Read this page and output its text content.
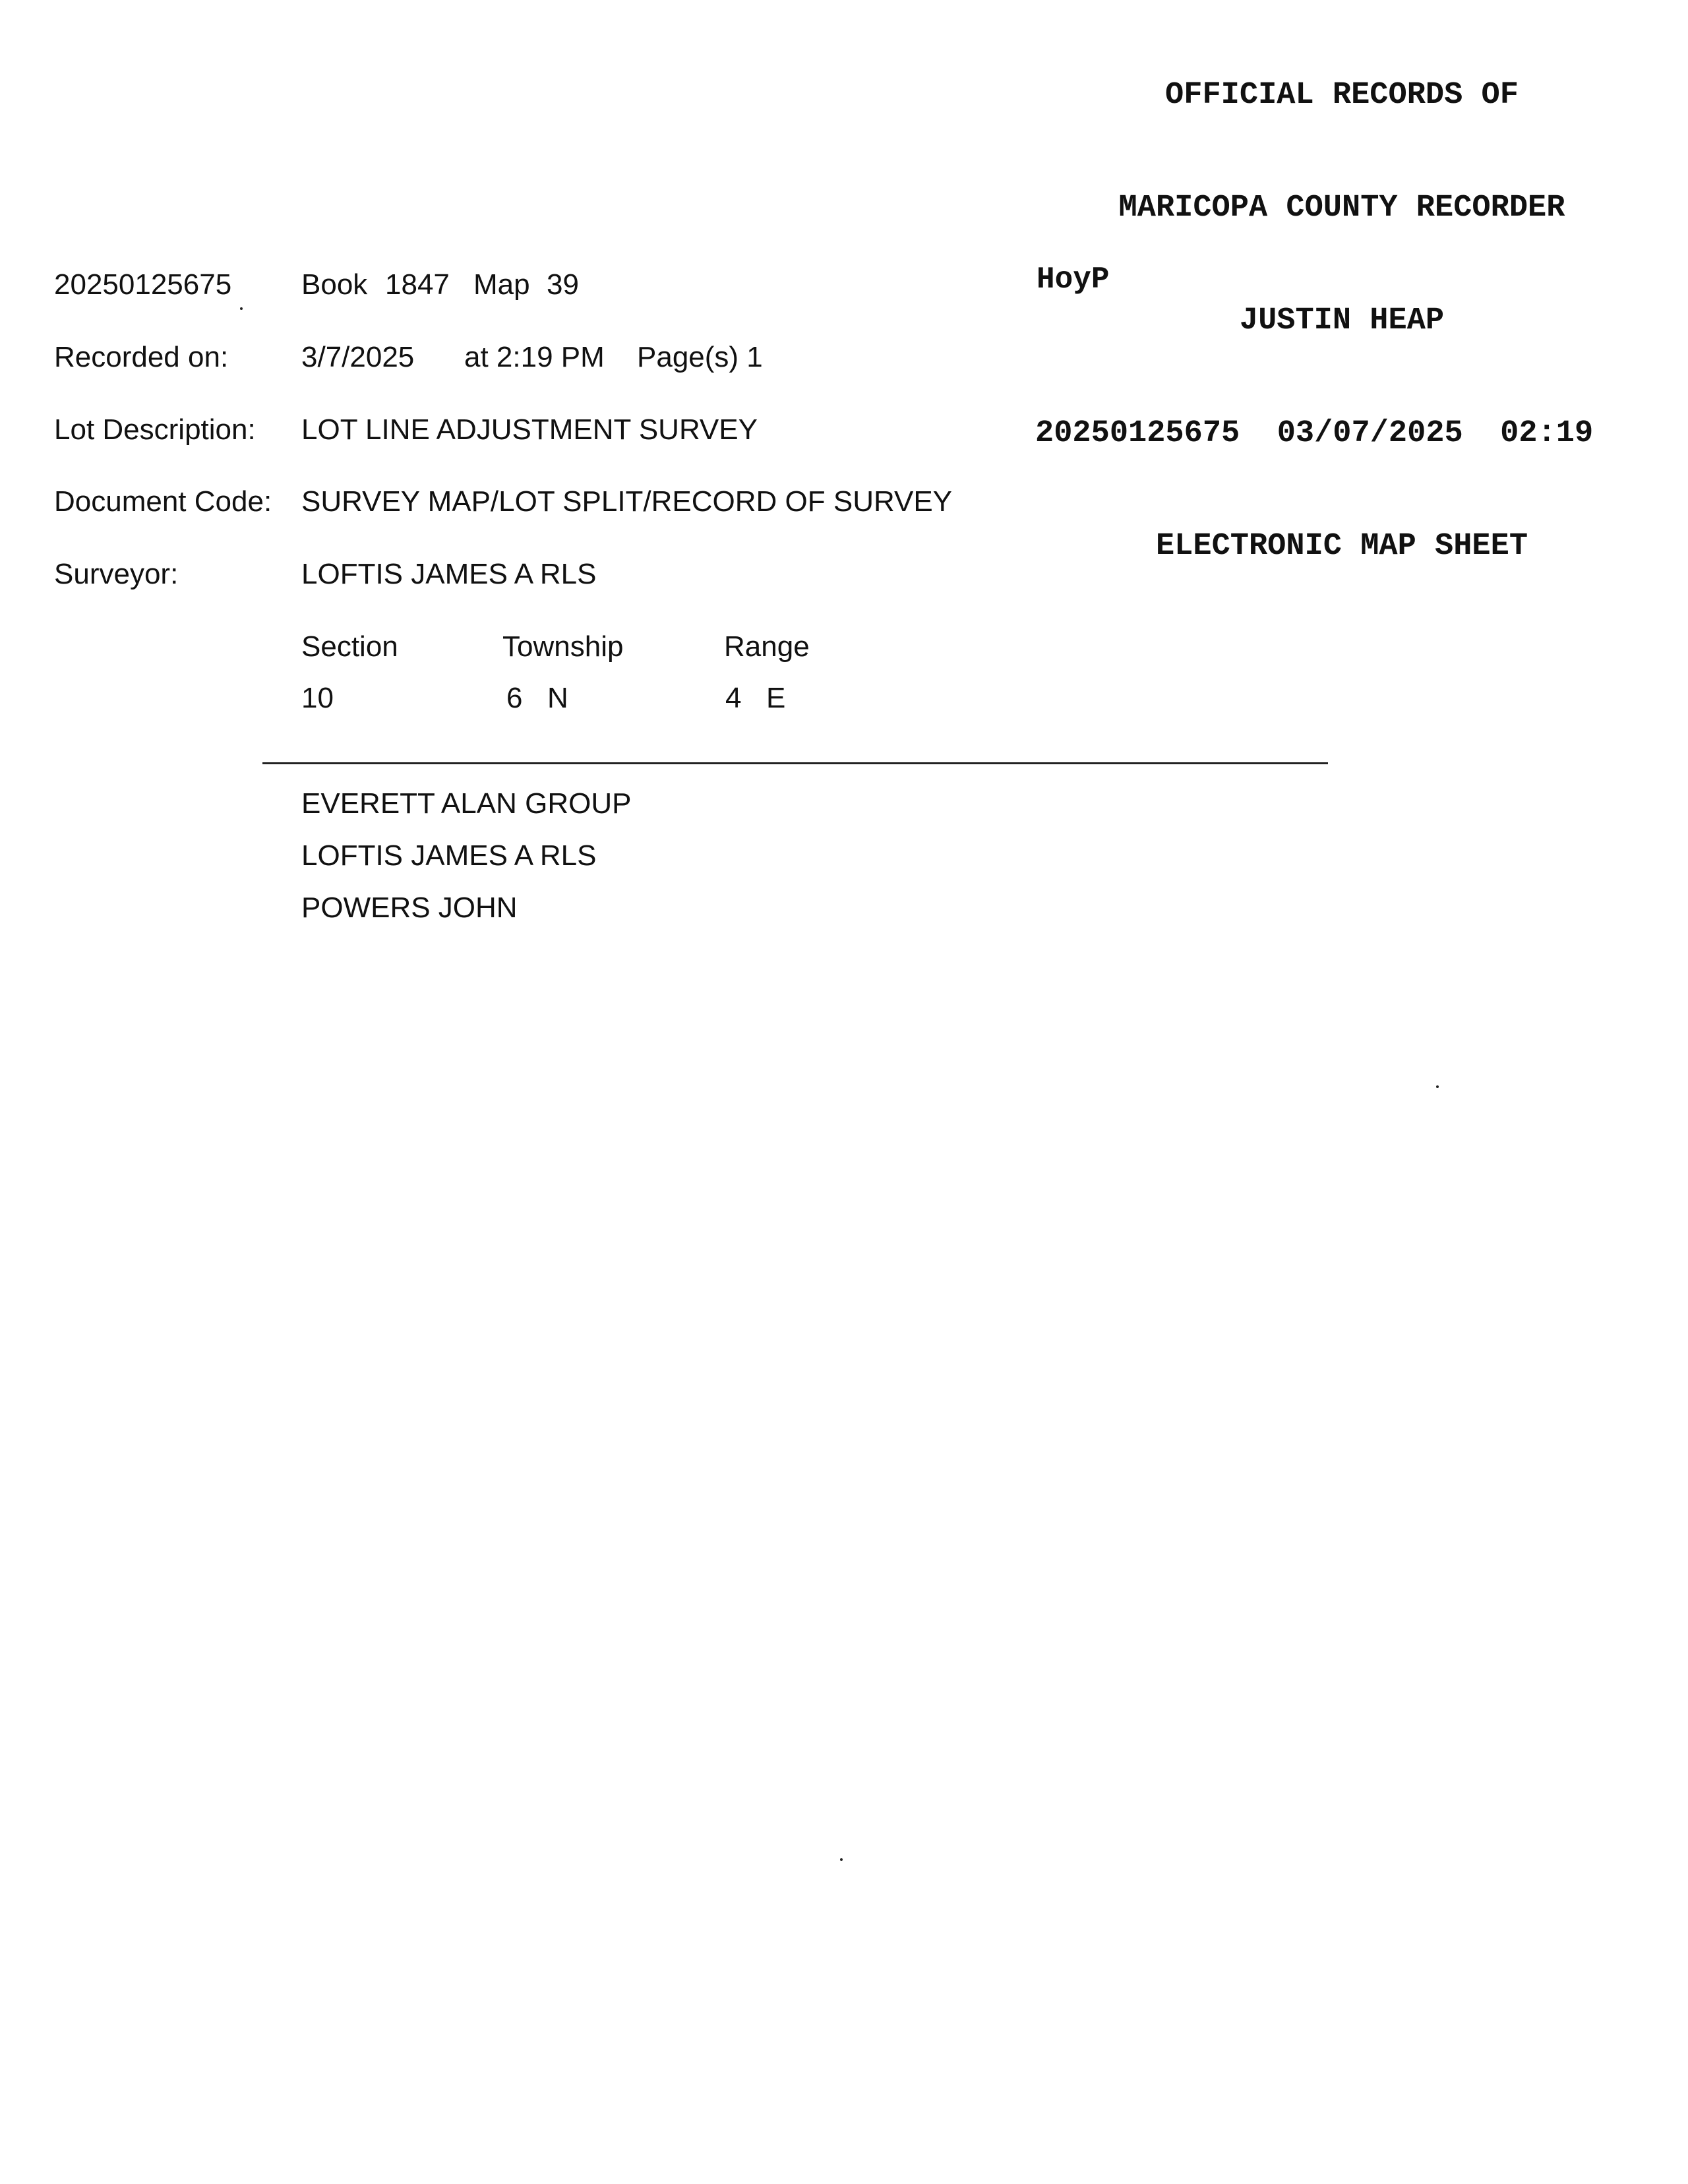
OFFICIAL RECORDS OF

MARICOPA COUNTY RECORDER

JUSTIN HEAP

20250125675 03/07/2025 02:19

ELECTRONIC MAP SHEET

HoyP
20250125675 Book 1847 Map 39
Recorded on:	3/7/2025 at 2:19 PM Page(s) 1
Lot Description: LOT LINE ADJUSTMENT SURVEY
Document Code: SURVEY MAP/LOT SPLIT/RECORD OF SURVEY
Surveyor:	LOFTIS JAMES A RLS
Section	Township	Range
10	6 N	4 E
EVERETT ALAN GROUP
LOFTIS JAMES A RLS
POWERS JOHN
